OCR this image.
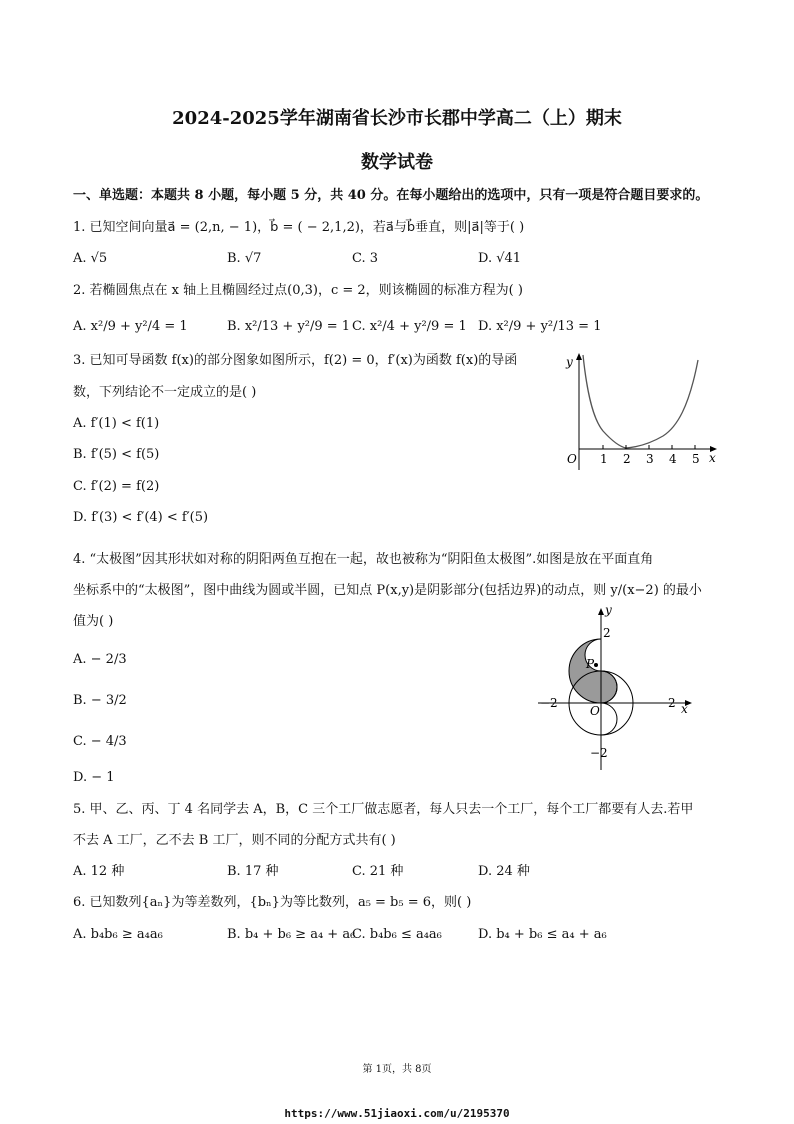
2024-2025学年湖南省长沙市长郡中学高二（上）期末
数学试卷
一、单选题：本题共 8 小题，每小题 5 分，共 40 分。在每小题给出的选项中，只有一项是符合题目要求的。
1. 已知空间向量a⃗ = (2,n, − 1)，b⃗ = ( − 2,1,2)，若a⃗与b⃗垂直，则|a⃗|等于( )
A. √5	B. √7	C. 3	D. √41
2. 若椭圆焦点在 x 轴上且椭圆经过点(0,3)，c = 2，则该椭圆的标准方程为( )
A. x²/9 + y²/4 = 1	B. x²/13 + y²/9 = 1 C. x²/4 + y²/9 = 1 D. x²/9 + y²/13 = 1
3. 已知可导函数 f(x)的部分图象如图所示，f(2) = 0，f′(x)为函数 f(x)的导函
数，下列结论不一定成立的是( )
A. f′(1) < f(1)
B. f′(5) < f(5)
C. f′(2) = f(2)
D. f′(3) < f′(4) < f′(5)
y
x
O 1 2 3 4 5
4. “太极图”因其形状如对称的阴阳两鱼互抱在一起，故也被称为“阴阳鱼太极图”.如图是放在平面直角
坐标系中的“太极图”，图中曲线为圆或半圆，已知点 P(x,y)是阴影部分(包括边界)的动点，则 y/(x−2) 的最小
值为( )
A. − 2/3
B. − 3/2
C. − 4/3
D. − 1
y
x
O
P
2
−2	2
−2
5. 甲、乙、丙、丁 4 名同学去 A，B，C 三个工厂做志愿者，每人只去一个工厂，每个工厂都要有人去.若甲
不去 A 工厂，乙不去 B 工厂，则不同的分配方式共有( )
A. 12 种	B. 17 种	C. 21 种	D. 24 种
6. 已知数列{aₙ}为等差数列，{bₙ}为等比数列，a₅ = b₅ = 6，则( )
A. b₄b₆ ≥ a₄a₆	B. b₄ + b₆ ≥ a₄ + a₆
C. b₄b₆ ≤ a₄a₆	D. b₄ + b₆ ≤ a₄ + a₆
第 1页，共 8页
https://www.51jiaoxi.com/u/2195370
